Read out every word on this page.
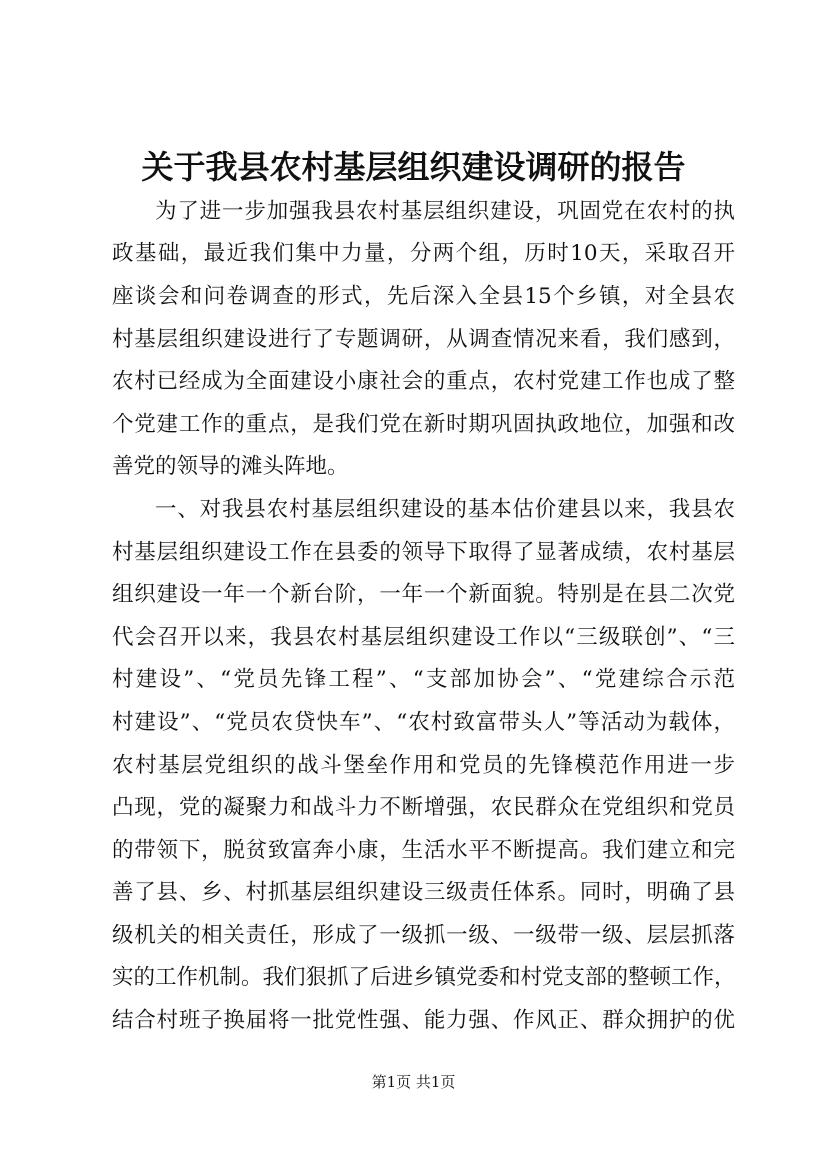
关于我县农村基层组织建设调研的报告
为了进一步加强我县农村基层组织建设，巩固党在农村的执
政基础，最近我们集中力量，分两个组，历时10天，采取召开
座谈会和问卷调查的形式，先后深入全县15个乡镇，对全县农
村基层组织建设进行了专题调研，从调查情况来看，我们感到，
农村已经成为全面建设小康社会的重点，农村党建工作也成了整
个党建工作的重点，是我们党在新时期巩固执政地位，加强和改
善党的领导的滩头阵地。
一、对我县农村基层组织建设的基本估价建县以来，我县农
村基层组织建设工作在县委的领导下取得了显著成绩，农村基层
组织建设一年一个新台阶，一年一个新面貌。特别是在县二次党
代会召开以来，我县农村基层组织建设工作以“三级联创”、“三
村建设”、“党员先锋工程”、“支部加协会”、“党建综合示范
村建设”、“党员农贷快车”、“农村致富带头人”等活动为载体，
农村基层党组织的战斗堡垒作用和党员的先锋模范作用进一步
凸现，党的凝聚力和战斗力不断增强，农民群众在党组织和党员
的带领下，脱贫致富奔小康，生活水平不断提高。我们建立和完
善了县、乡、村抓基层组织建设三级责任体系。同时，明确了县
级机关的相关责任，形成了一级抓一级、一级带一级、层层抓落
实的工作机制。我们狠抓了后进乡镇党委和村党支部的整顿工作，
结合村班子换届将一批党性强、能力强、作风正、群众拥护的优
第1页 共1页
